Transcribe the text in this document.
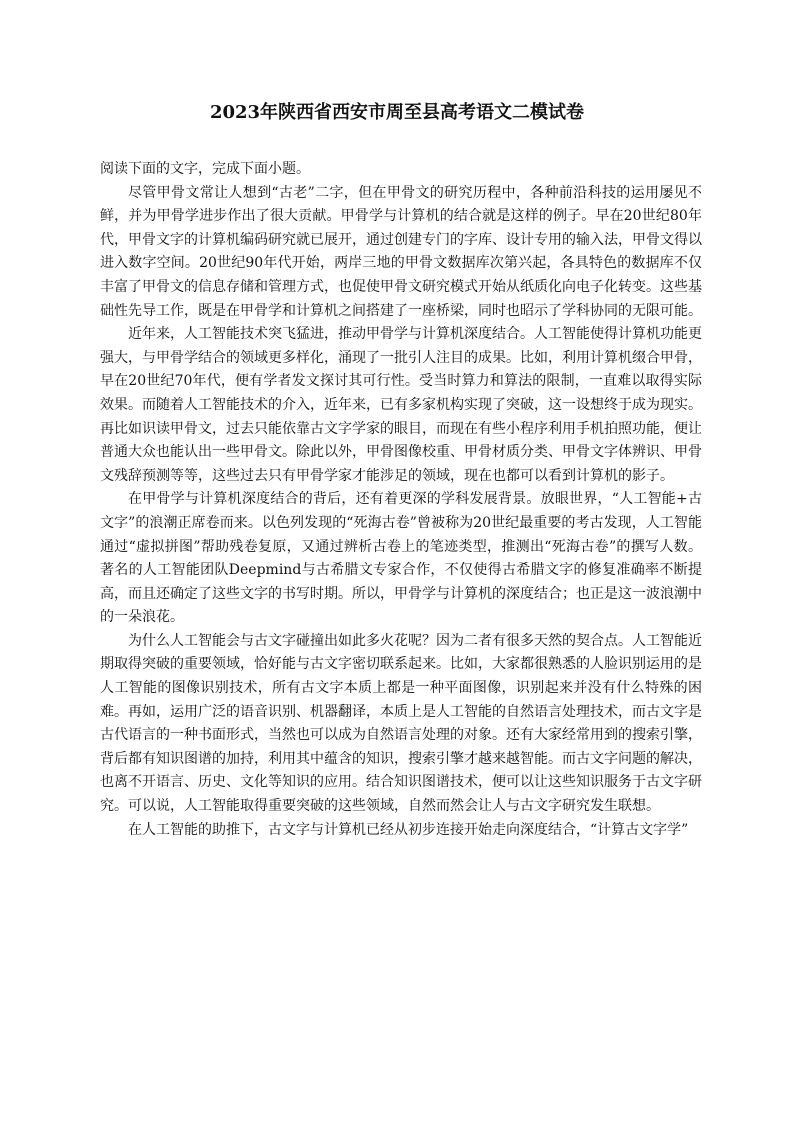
2023年陕西省西安市周至县高考语文二模试卷

阅读下面的文字，完成下面小题。

尽管甲骨文常让人想到“古老”二字，但在甲骨文的研究历程中，各种前沿科技的运用屡见不鲜，并为甲骨学进步作出了很大贡献。甲骨学与计算机的结合就是这样的例子。早在20世纪80年代，甲骨文字的计算机编码研究就已展开，通过创建专门的字库、设计专用的输入法，甲骨文得以进入数字空间。20世纪90年代开始，两岸三地的甲骨文数据库次第兴起，各具特色的数据库不仅丰富了甲骨文的信息存储和管理方式，也促使甲骨文研究模式开始从纸质化向电子化转变。这些基础性先导工作，既是在甲骨学和计算机之间搭建了一座桥梁，同时也昭示了学科协同的无限可能。

近年来，人工智能技术突飞猛进，推动甲骨学与计算机深度结合。人工智能使得计算机功能更强大，与甲骨学结合的领域更多样化，涌现了一批引人注目的成果。比如，利用计算机缀合甲骨，早在20世纪70年代，便有学者发文探讨其可行性。受当时算力和算法的限制，一直难以取得实际效果。而随着人工智能技术的介入，近年来，已有多家机构实现了突破，这一设想终于成为现实。再比如识读甲骨文，过去只能依靠古文字学家的眼目，而现在有些小程序利用手机拍照功能，便让普通大众也能认出一些甲骨文。除此以外，甲骨图像校重、甲骨材质分类、甲骨文字体辨识、甲骨文残辞预测等等，这些过去只有甲骨学家才能涉足的领域，现在也都可以看到计算机的影子。

在甲骨学与计算机深度结合的背后，还有着更深的学科发展背景。放眼世界，“人工智能+古文字”的浪潮正席卷而来。以色列发现的“死海古卷”曾被称为20世纪最重要的考古发现，人工智能通过“虚拟拼图”帮助残卷复原，又通过辨析古卷上的笔迹类型，推测出“死海古卷”的撰写人数。著名的人工智能团队Deepmind与古希腊文专家合作，不仅使得古希腊文字的修复准确率不断提高，而且还确定了这些文字的书写时期。所以，甲骨学与计算机的深度结合；也正是这一波浪潮中的一朵浪花。

为什么人工智能会与古文字碰撞出如此多火花呢？因为二者有很多天然的契合点。人工智能近期取得突破的重要领域，恰好能与古文字密切联系起来。比如，大家都很熟悉的人脸识别运用的是人工智能的图像识别技术，所有古文字本质上都是一种平面图像，识别起来并没有什么特殊的困难。再如，运用广泛的语音识别、机器翻译，本质上是人工智能的自然语言处理技术，而古文字是古代语言的一种书面形式，当然也可以成为自然语言处理的对象。还有大家经常用到的搜索引擎，背后都有知识图谱的加持，利用其中蕴含的知识，搜索引擎才越来越智能。而古文字问题的解决，也离不开语言、历史、文化等知识的应用。结合知识图谱技术，便可以让这些知识服务于古文字研究。可以说，人工智能取得重要突破的这些领域，自然而然会让人与古文字研究发生联想。

在人工智能的助推下，古文字与计算机已经从初步连接开始走向深度结合，“计算古文字学”
